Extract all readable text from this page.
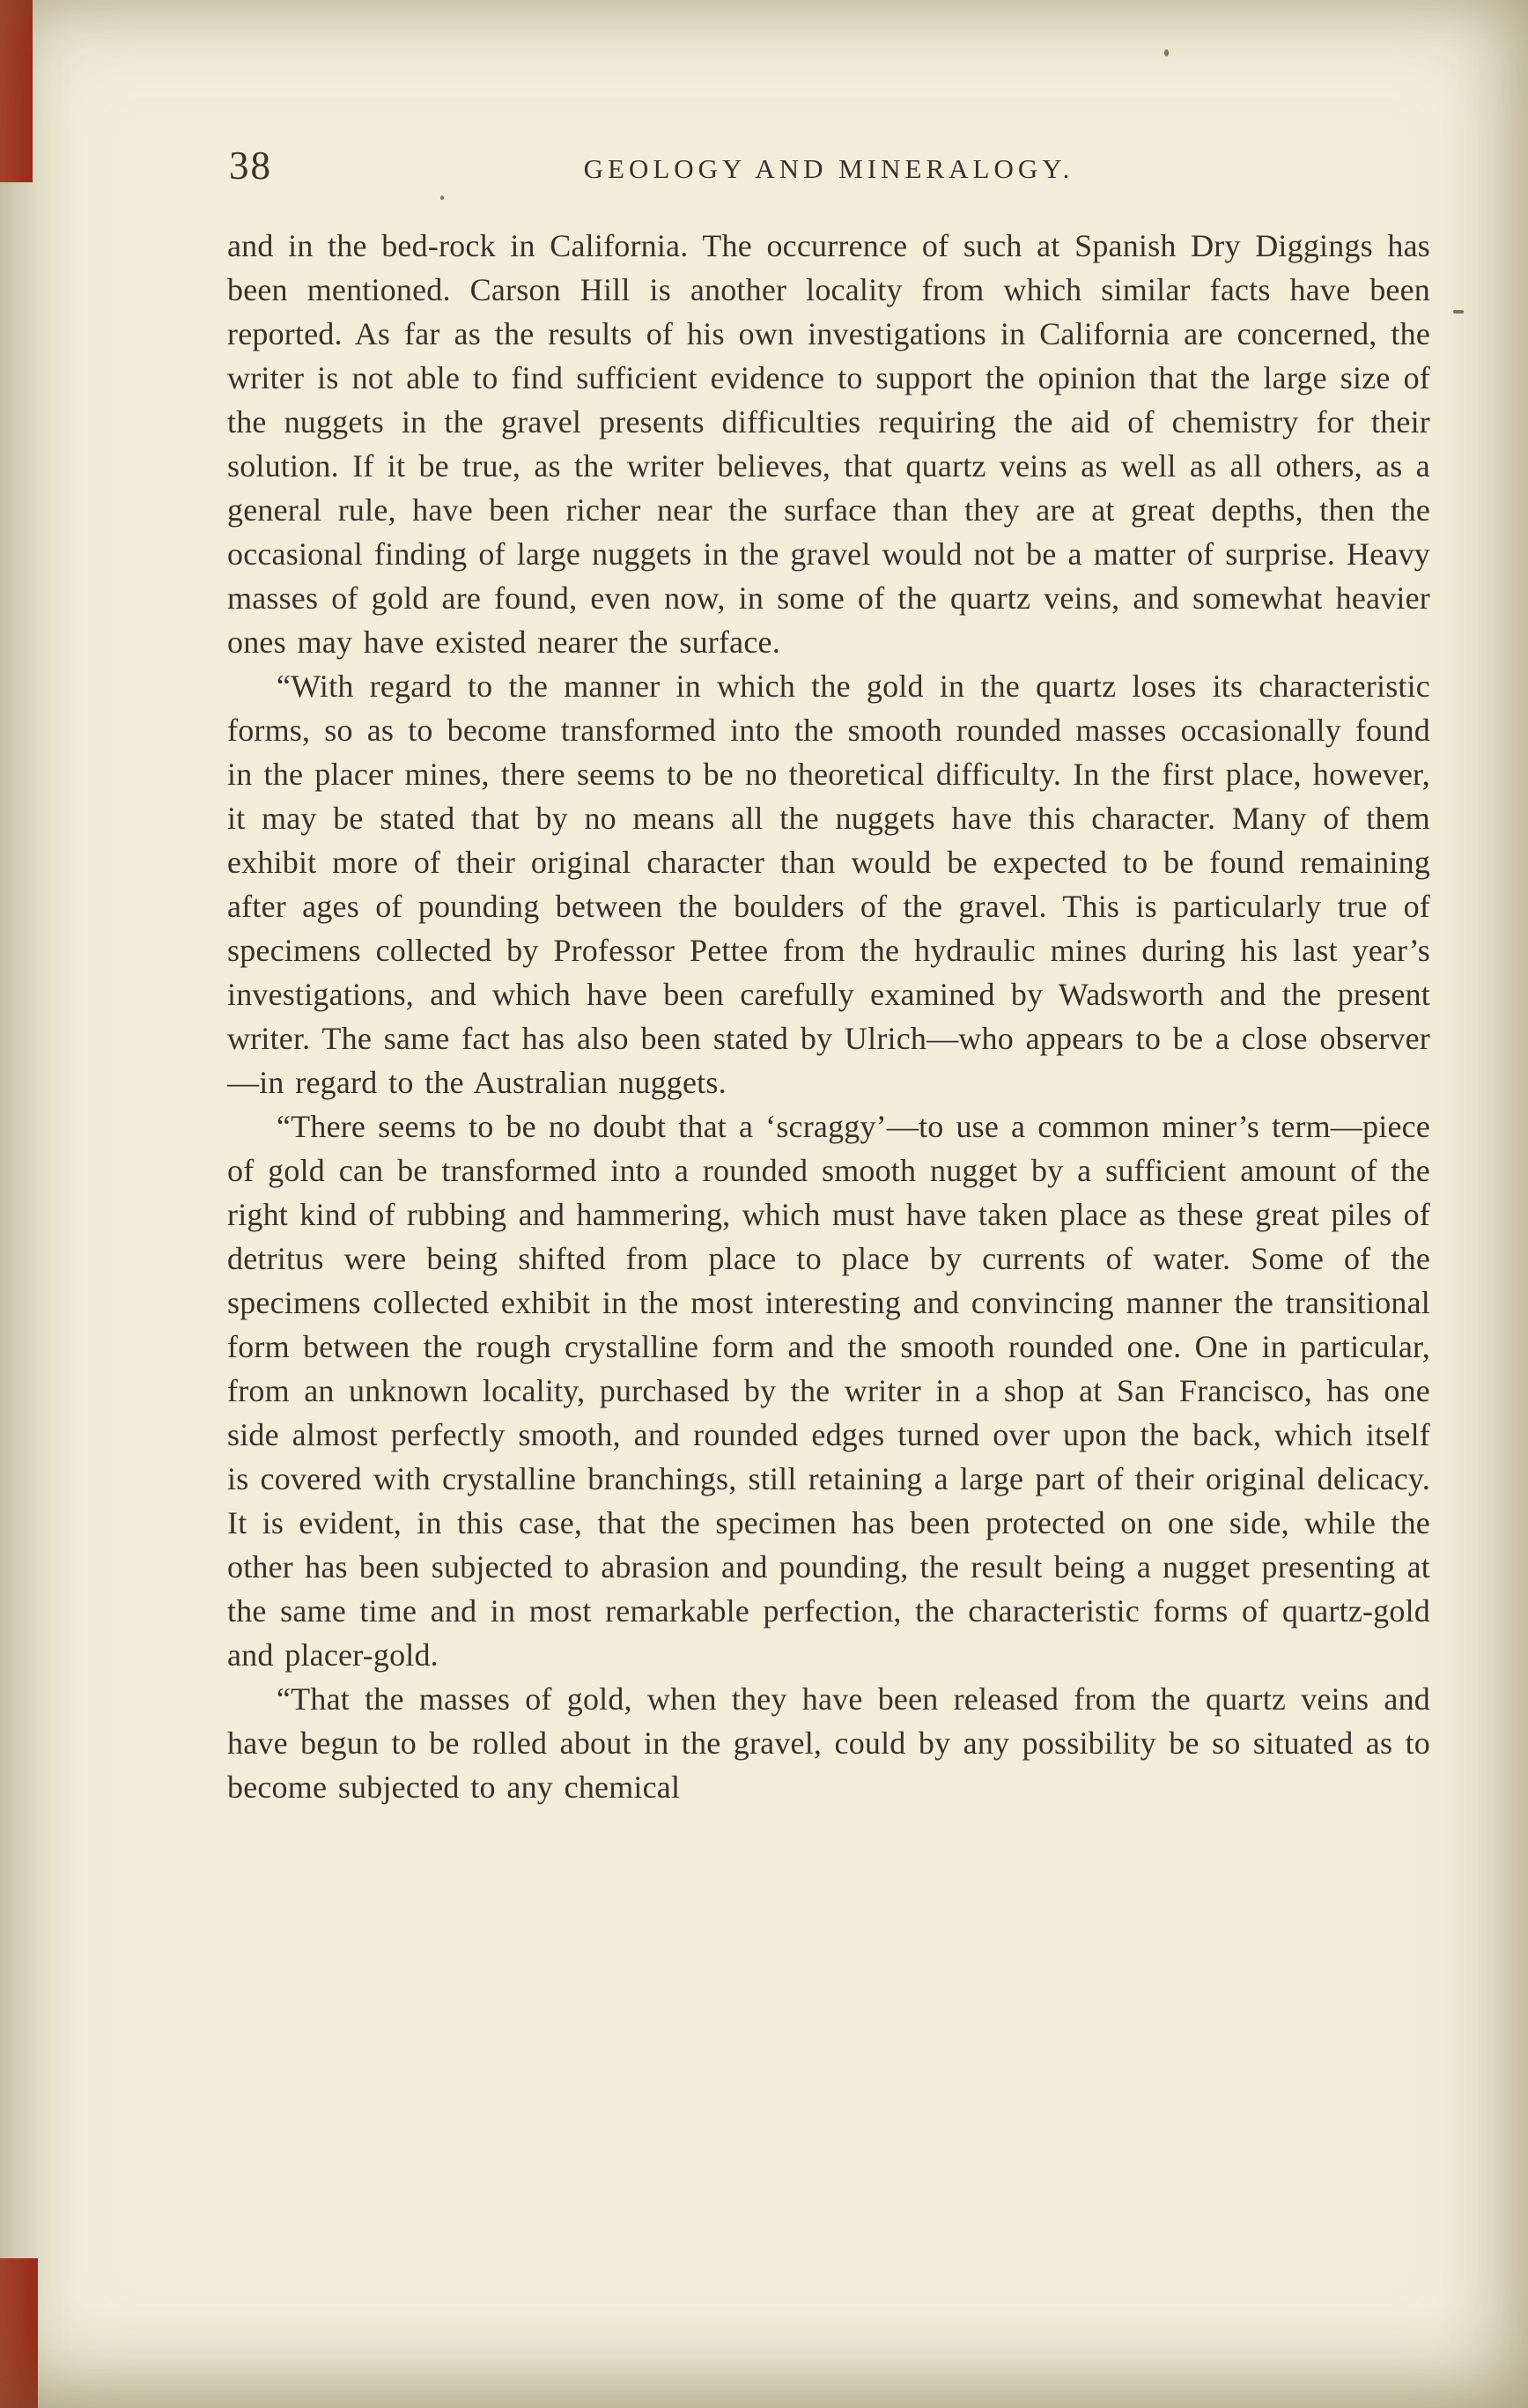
38	GEOLOGY AND MINERALOGY.

and in the bed-rock in California. The occurrence of such at Spanish Dry Diggings has been mentioned. Carson Hill is another locality from which similar facts have been reported. As far as the results of his own investigations in California are concerned, the writer is not able to find sufficient evidence to support the opinion that the large size of the nuggets in the gravel presents difficulties requiring the aid of chemistry for their solution. If it be true, as the writer believes, that quartz veins as well as all others, as a general rule, have been richer near the surface than they are at great depths, then the occasional finding of large nuggets in the gravel would not be a matter of surprise. Heavy masses of gold are found, even now, in some of the quartz veins, and somewhat heavier ones may have existed nearer the surface.

“With regard to the manner in which the gold in the quartz loses its characteristic forms, so as to become transformed into the smooth rounded masses occasionally found in the placer mines, there seems to be no theoretical difficulty. In the first place, however, it may be stated that by no means all the nuggets have this character. Many of them exhibit more of their original character than would be expected to be found remaining after ages of pounding between the boulders of the gravel. This is particularly true of specimens collected by Professor Pettee from the hydraulic mines during his last year’s investigations, and which have been carefully examined by Wadsworth and the present writer. The same fact has also been stated by Ulrich—who appears to be a close observer—in regard to the Australian nuggets.

“There seems to be no doubt that a ‘scraggy’—to use a common miner’s term—piece of gold can be transformed into a rounded smooth nugget by a sufficient amount of the right kind of rubbing and hammering, which must have taken place as these great piles of detritus were being shifted from place to place by currents of water. Some of the specimens collected exhibit in the most interesting and convincing manner the transitional form between the rough crystalline form and the smooth rounded one. One in particular, from an unknown locality, purchased by the writer in a shop at San Francisco, has one side almost perfectly smooth, and rounded edges turned over upon the back, which itself is covered with crystalline branchings, still retaining a large part of their original delicacy. It is evident, in this case, that the specimen has been protected on one side, while the other has been subjected to abrasion and pounding, the result being a nugget presenting at the same time and in most remarkable perfection, the characteristic forms of quartz-gold and placer-gold.

“That the masses of gold, when they have been released from the quartz veins and have begun to be rolled about in the gravel, could by any possibility be so situated as to become subjected to any chemical
